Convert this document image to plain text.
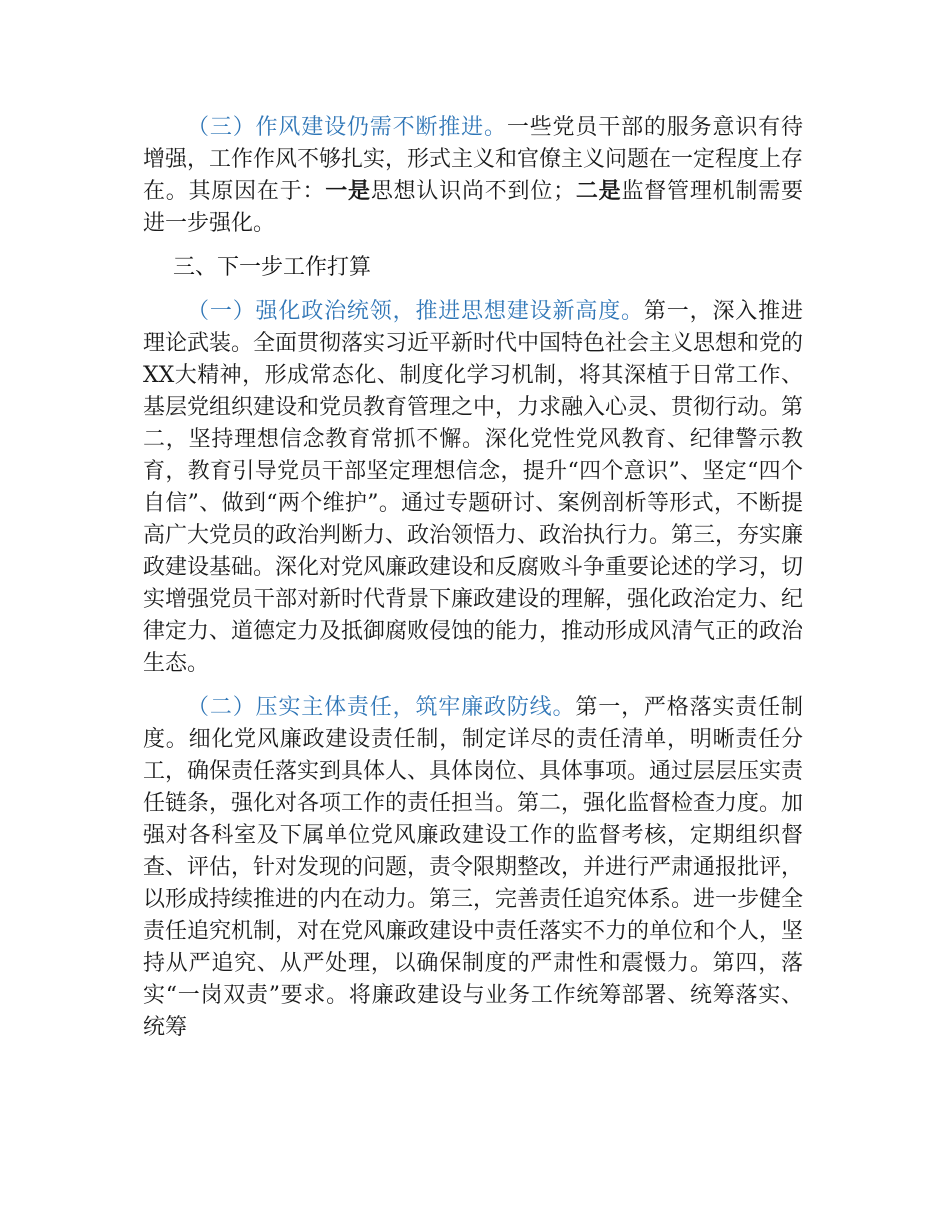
（三）作风建设仍需不断推进。一些党员干部的服务意识有待增强，工作作风不够扎实，形式主义和官僚主义问题在一定程度上存在。其原因在于：一是思想认识尚不到位；二是监督管理机制需要进一步强化。

三、下一步工作打算

（一）强化政治统领，推进思想建设新高度。第一，深入推进理论武装。全面贯彻落实习近平新时代中国特色社会主义思想和党的XX大精神，形成常态化、制度化学习机制，将其深植于日常工作、基层党组织建设和党员教育管理之中，力求融入心灵、贯彻行动。第二，坚持理想信念教育常抓不懈。深化党性党风教育、纪律警示教育，教育引导党员干部坚定理想信念，提升“四个意识”、坚定“四个自信”、做到“两个维护”。通过专题研讨、案例剖析等形式，不断提高广大党员的政治判断力、政治领悟力、政治执行力。第三，夯实廉政建设基础。深化对党风廉政建设和反腐败斗争重要论述的学习，切实增强党员干部对新时代背景下廉政建设的理解，强化政治定力、纪律定力、道德定力及抵御腐败侵蚀的能力，推动形成风清气正的政治生态。

（二）压实主体责任，筑牢廉政防线。第一，严格落实责任制度。细化党风廉政建设责任制，制定详尽的责任清单，明晰责任分工，确保责任落实到具体人、具体岗位、具体事项。通过层层压实责任链条，强化对各项工作的责任担当。第二，强化监督检查力度。加强对各科室及下属单位党风廉政建设工作的监督考核，定期组织督查、评估，针对发现的问题，责令限期整改，并进行严肃通报批评，以形成持续推进的内在动力。第三，完善责任追究体系。进一步健全责任追究机制，对在党风廉政建设中责任落实不力的单位和个人，坚持从严追究、从严处理，以确保制度的严肃性和震慑力。第四，落实“一岗双责”要求。将廉政建设与业务工作统筹部署、统筹落实、统筹
